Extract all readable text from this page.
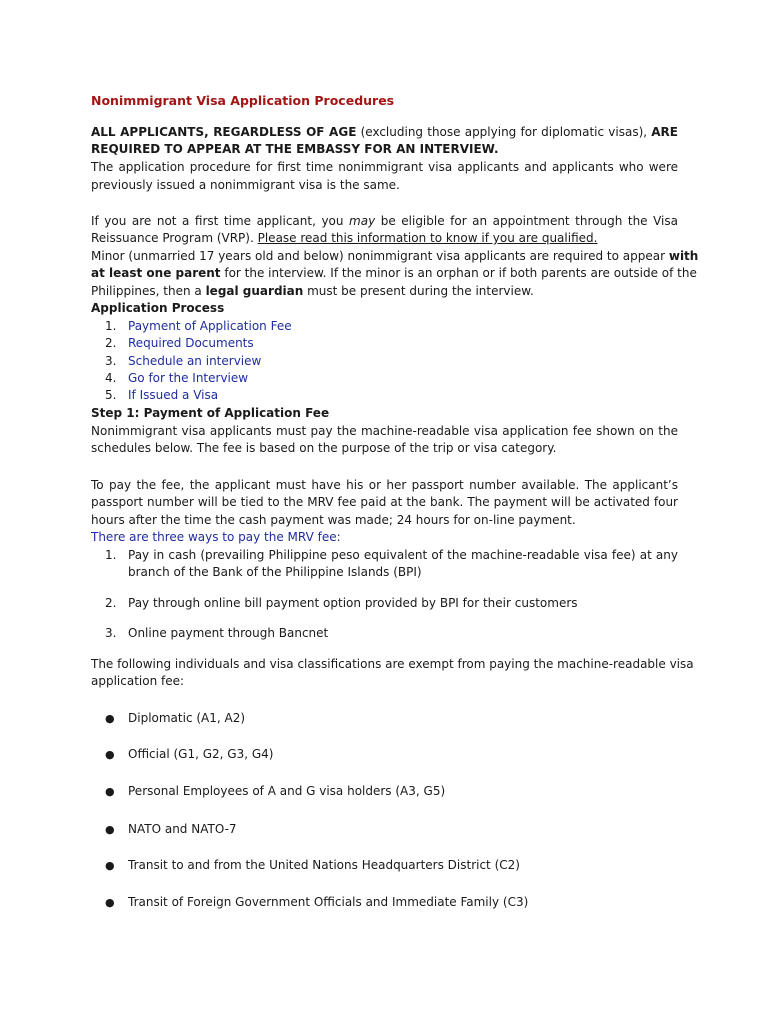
Nonimmigrant Visa Application Procedures
ALL APPLICANTS, REGARDLESS OF AGE (excluding those applying for diplomatic visas), ARE
REQUIRED TO APPEAR AT THE EMBASSY FOR AN INTERVIEW.
The application procedure for first time nonimmigrant visa applicants and applicants who were
previously issued a nonimmigrant visa is the same.
If you are not a first time applicant, you may be eligible for an appointment through the Visa
Reissuance Program (VRP). Please read this information to know if you are qualified.
Minor (unmarried 17 years old and below) nonimmigrant visa applicants are required to appear with
at least one parent for the interview. If the minor is an orphan or if both parents are outside of the
Philippines, then a legal guardian must be present during the interview.
Application Process
1. Payment of Application Fee
2. Required Documents
3. Schedule an interview
4. Go for the Interview
5. If Issued a Visa
Step 1: Payment of Application Fee
Nonimmigrant visa applicants must pay the machine-readable visa application fee shown on the
schedules below. The fee is based on the purpose of the trip or visa category.
To pay the fee, the applicant must have his or her passport number available. The applicant’s
passport number will be tied to the MRV fee paid at the bank. The payment will be activated four
hours after the time the cash payment was made; 24 hours for on-line payment.
There are three ways to pay the MRV fee:
1. Pay in cash (prevailing Philippine peso equivalent of the machine-readable visa fee) at any
branch of the Bank of the Philippine Islands (BPI)
2. Pay through online bill payment option provided by BPI for their customers
3. Online payment through Bancnet
The following individuals and visa classifications are exempt from paying the machine-readable visa
application fee:
● Diplomatic (A1, A2)
● Official (G1, G2, G3, G4)
● Personal Employees of A and G visa holders (A3, G5)
● NATO and NATO-7
● Transit to and from the United Nations Headquarters District (C2)
● Transit of Foreign Government Officials and Immediate Family (C3)
